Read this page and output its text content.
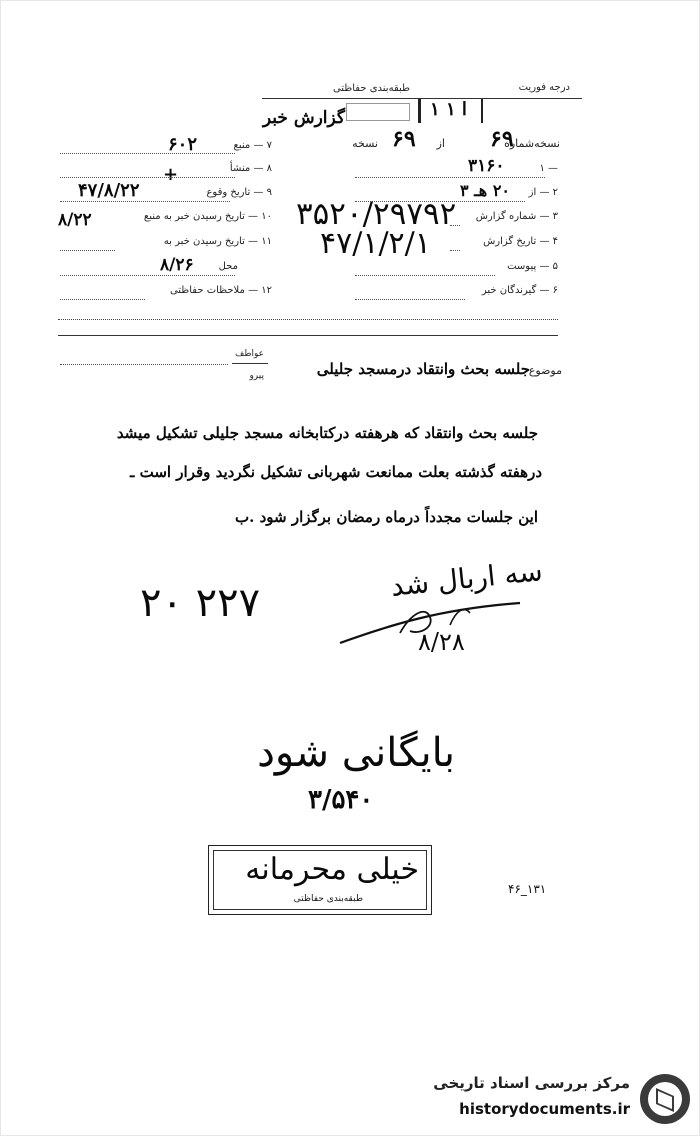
درجه فوریت
طبقه‌بندی حفاظتی
ا ۱ ۱
گزارش خبر
نسخه‌شماره
۶۹
از
۶۹
نسخه
۱ —
۳۱۶۰
۲ — از
۲۰ هـ ۳
۳ — شماره گزارش
۴ — تاریخ گزارش
۵ — پیوست
۶ — گیرندگان خبر
۳۵۲۰/۲۹۷۹۲
۴۷/۱/۲/۱
۷ — منبع
۶۰۲
۸ — منشأ
+
۹ — تاریخ وقوع
۴۷/۸/۲۲
۱۰ — تاریخ رسیدن خبر به منبع
۸/۲۲
۱۱ — تاریخ رسیدن خبر به
محل
۸/۲۶
۱۲ — ملاحظات حفاظتی
عواطف
پیرو	موضوع
جلسه بحث وانتقاد درمسجد جلیلی
جلسه بحث وانتقاد که هرهفته درکتابخانه مسجد جلیلی تشکیل میشد
درهفته گذشته بعلت ممانعت شهربانی تشکیل نگردید وقرار است ـ
این جلسات مجدداً درماه رمضان برگزار شود .ب
۲۰ ۲۲۷
سه اربال شد
۸/۲۸
بایگانی شود
۳/۵۴۰
خیلی محرمانه
طبقه‌بندی حفاظتی
۴۶_۱۳۱
مرکز بررسی اسناد تاریخی
historydocuments.ir
